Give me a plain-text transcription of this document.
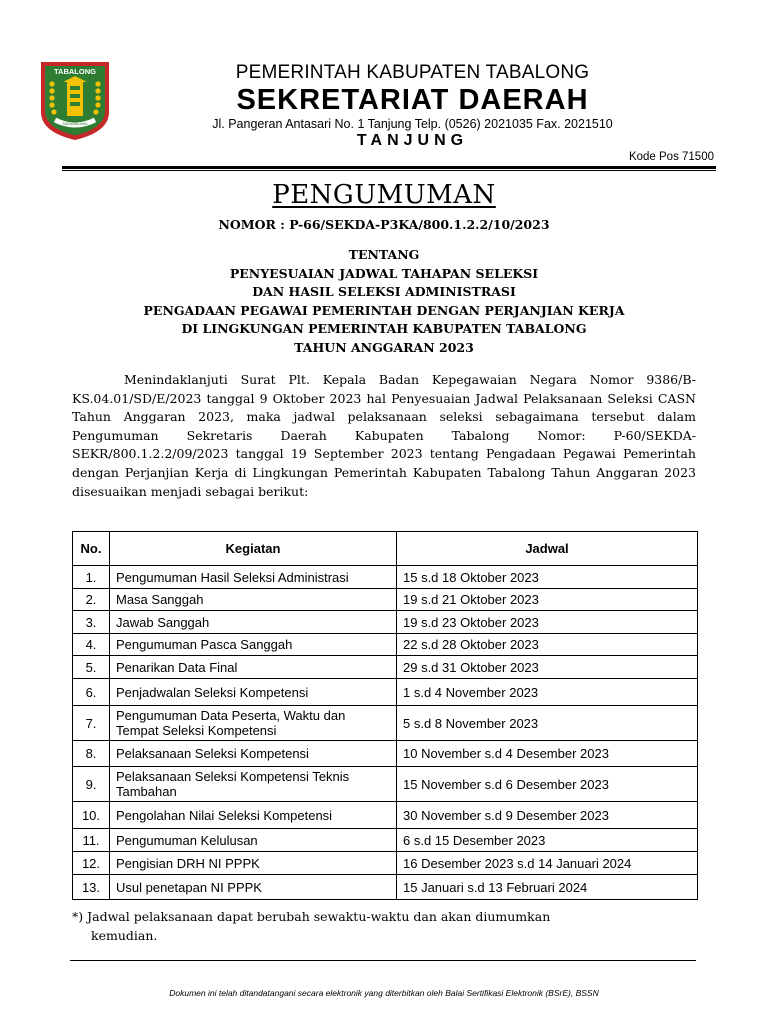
TABALONG
SARABAKAWA
PEMERINTAH KABUPATEN TABALONG
SEKRETARIAT DAERAH
Jl. Pangeran Antasari No. 1 Tanjung Telp. (0526) 2021035 Fax. 2021510
TANJUNG
Kode Pos 71500
PENGUMUMAN
NOMOR : P-66/SEKDA-P3KA/800.1.2.2/10/2023
TENTANG
PENYESUAIAN JADWAL TAHAPAN SELEKSI
DAN HASIL SELEKSI ADMINISTRASI
PENGADAAN PEGAWAI PEMERINTAH DENGAN PERJANJIAN KERJA
DI LINGKUNGAN PEMERINTAH KABUPATEN TABALONG
TAHUN ANGGARAN 2023

Menindaklanjuti Surat Plt. Kepala Badan Kepegawaian Negara Nomor 9386/B-KS.04.01/SD/E/2023 tanggal 9 Oktober 2023 hal Penyesuaian Jadwal Pelaksanaan Seleksi CASN Tahun Anggaran 2023, maka jadwal pelaksanaan seleksi sebagaimana tersebut dalam Pengumuman Sekretaris Daerah Kabupaten Tabalong Nomor: P-60/SEKDA-SEKR/800.1.2.2/09/2023 tanggal 19 September 2023 tentang Pengadaan Pegawai Pemerintah dengan Perjanjian Kerja di Lingkungan Pemerintah Kabupaten Tabalong Tahun Anggaran 2023 disesuaikan menjadi sebagai berikut:

No.	Kegiatan	Jadwal
1.	Pengumuman Hasil Seleksi Administrasi	15 s.d 18 Oktober 2023
2.	Masa Sanggah	19 s.d 21 Oktober 2023
3.	Jawab Sanggah	19 s.d 23 Oktober 2023
4.	Pengumuman Pasca Sanggah	22 s.d 28 Oktober 2023
5.	Penarikan Data Final	29 s.d 31 Oktober 2023
6.	Penjadwalan Seleksi Kompetensi	1 s.d 4 November 2023
7.	Pengumuman Data Peserta, Waktu dan Tempat Seleksi Kompetensi	5 s.d 8 November 2023
8.	Pelaksanaan Seleksi Kompetensi	10 November s.d 4 Desember 2023
9.	Pelaksanaan Seleksi Kompetensi Teknis Tambahan	15 November s.d 6 Desember 2023
10.	Pengolahan Nilai Seleksi Kompetensi	30 November s.d 9 Desember 2023
11.	Pengumuman Kelulusan	6 s.d 15 Desember 2023
12.	Pengisian DRH NI PPPK	16 Desember 2023 s.d 14 Januari 2024
13.	Usul penetapan NI PPPK	15 Januari s.d 13 Februari 2024
*) Jadwal pelaksanaan dapat berubah sewaktu-waktu dan akan diumumkan
kemudian.
Dokumen ini telah ditandatangani secara elektronik yang diterbitkan oleh Balai Sertifikasi Elektronik (BSrE), BSSN
